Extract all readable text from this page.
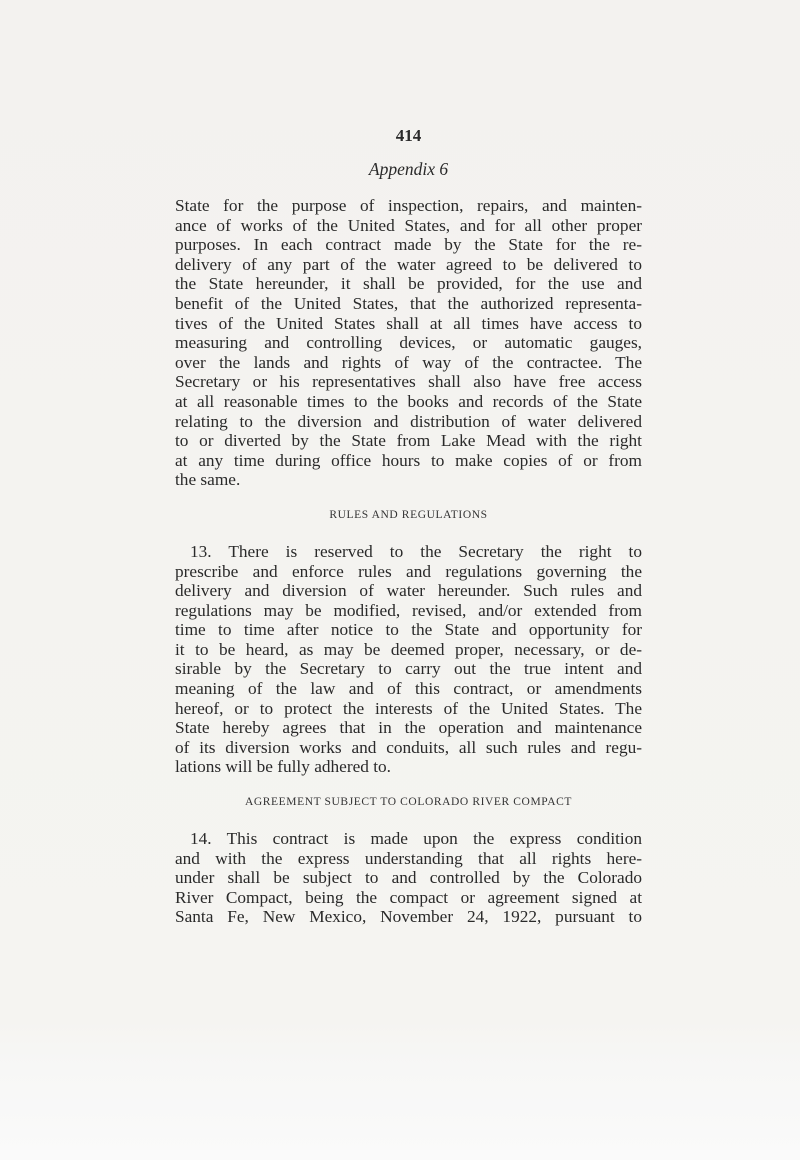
414
Appendix 6
State for the purpose of inspection, repairs, and mainten-
ance of works of the United States, and for all other proper
purposes. In each contract made by the State for the re-
delivery of any part of the water agreed to be delivered to
the State hereunder, it shall be provided, for the use and
benefit of the United States, that the authorized representa-
tives of the United States shall at all times have access to
measuring and controlling devices, or automatic gauges,
over the lands and rights of way of the contractee. The
Secretary or his representatives shall also have free access
at all reasonable times to the books and records of the State
relating to the diversion and distribution of water delivered
to or diverted by the State from Lake Mead with the right
at any time during office hours to make copies of or from
the same.
RULES AND REGULATIONS
13. There is reserved to the Secretary the right to
prescribe and enforce rules and regulations governing the
delivery and diversion of water hereunder. Such rules and
regulations may be modified, revised, and/or extended from
time to time after notice to the State and opportunity for
it to be heard, as may be deemed proper, necessary, or de-
sirable by the Secretary to carry out the true intent and
meaning of the law and of this contract, or amendments
hereof, or to protect the interests of the United States. The
State hereby agrees that in the operation and maintenance
of its diversion works and conduits, all such rules and regu-
lations will be fully adhered to.
AGREEMENT SUBJECT TO COLORADO RIVER COMPACT
14. This contract is made upon the express condition
and with the express understanding that all rights here-
under shall be subject to and controlled by the Colorado
River Compact, being the compact or agreement signed at
Santa Fe, New Mexico, November 24, 1922, pursuant to
